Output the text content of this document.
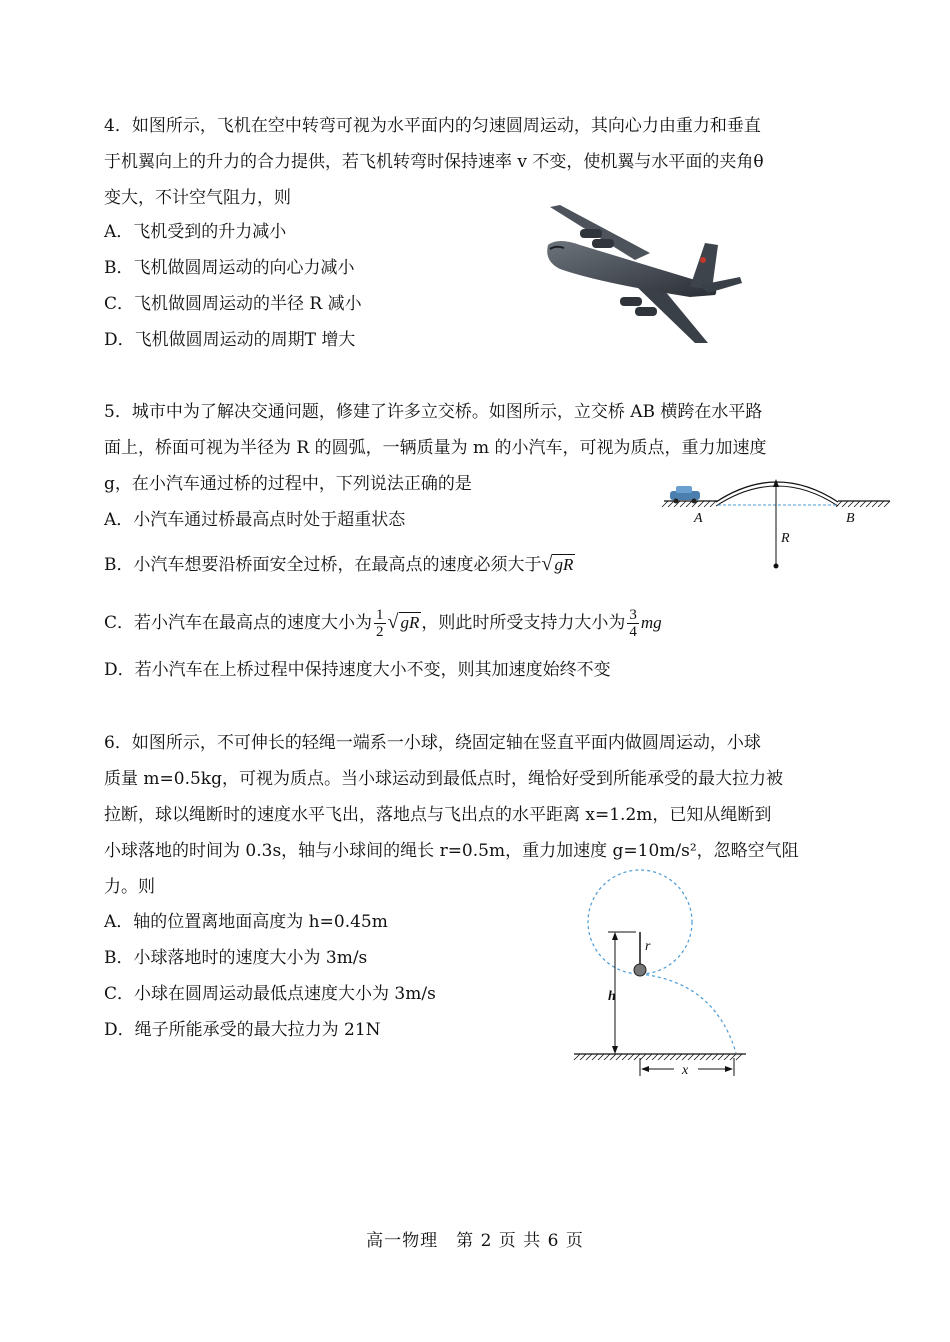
4．如图所示，飞机在空中转弯可视为水平面内的匀速圆周运动，其向心力由重力和垂直
于机翼向上的升力的合力提供，若飞机转弯时保持速率 v 不变，使机翼与水平面的夹角θ
变大，不计空气阻力，则
A．飞机受到的升力减小
B．飞机做圆周运动的向心力减小
C．飞机做圆周运动的半径 R 减小
D．飞机做圆周运动的周期T 增大
5．城市中为了解决交通问题，修建了许多立交桥。如图所示，立交桥 AB 横跨在水平路
面上，桥面可视为半径为 R 的圆弧，一辆质量为 m 的小汽车，可视为质点，重力加速度
g，在小汽车通过桥的过程中，下列说法正确的是
A．小汽车通过桥最高点时处于超重状态
B．小汽车想要沿桥面安全过桥，在最高点的速度必须大于√ gR
C．若小汽车在最高点的速度大小为 $\frac{1}{2}$ √ gR ，则此时所受支持力大小为 $\frac{3}{4}$ mg
D．若小汽车在上桥过程中保持速度大小不变，则其加速度始终不变
A	B
R
6．如图所示，不可伸长的轻绳一端系一小球，绕固定轴在竖直平面内做圆周运动，小球
质量 m=0.5kg，可视为质点。当小球运动到最低点时，绳恰好受到所能承受的最大拉力被
拉断，球以绳断时的速度水平飞出，落地点与飞出点的水平距离 x=1.2m，已知从绳断到
小球落地的时间为 0.3s，轴与小球间的绳长 r=0.5m，重力加速度 g=10m/s²，忽略空气阻
力。则
A．轴的位置离地面高度为 h=0.45m
B．小球落地时的速度大小为 3m/s
C．小球在圆周运动最低点速度大小为 3m/s
D．绳子所能承受的最大拉力为 21N
r
h
x
高一物理　第 2 页 共 6 页
